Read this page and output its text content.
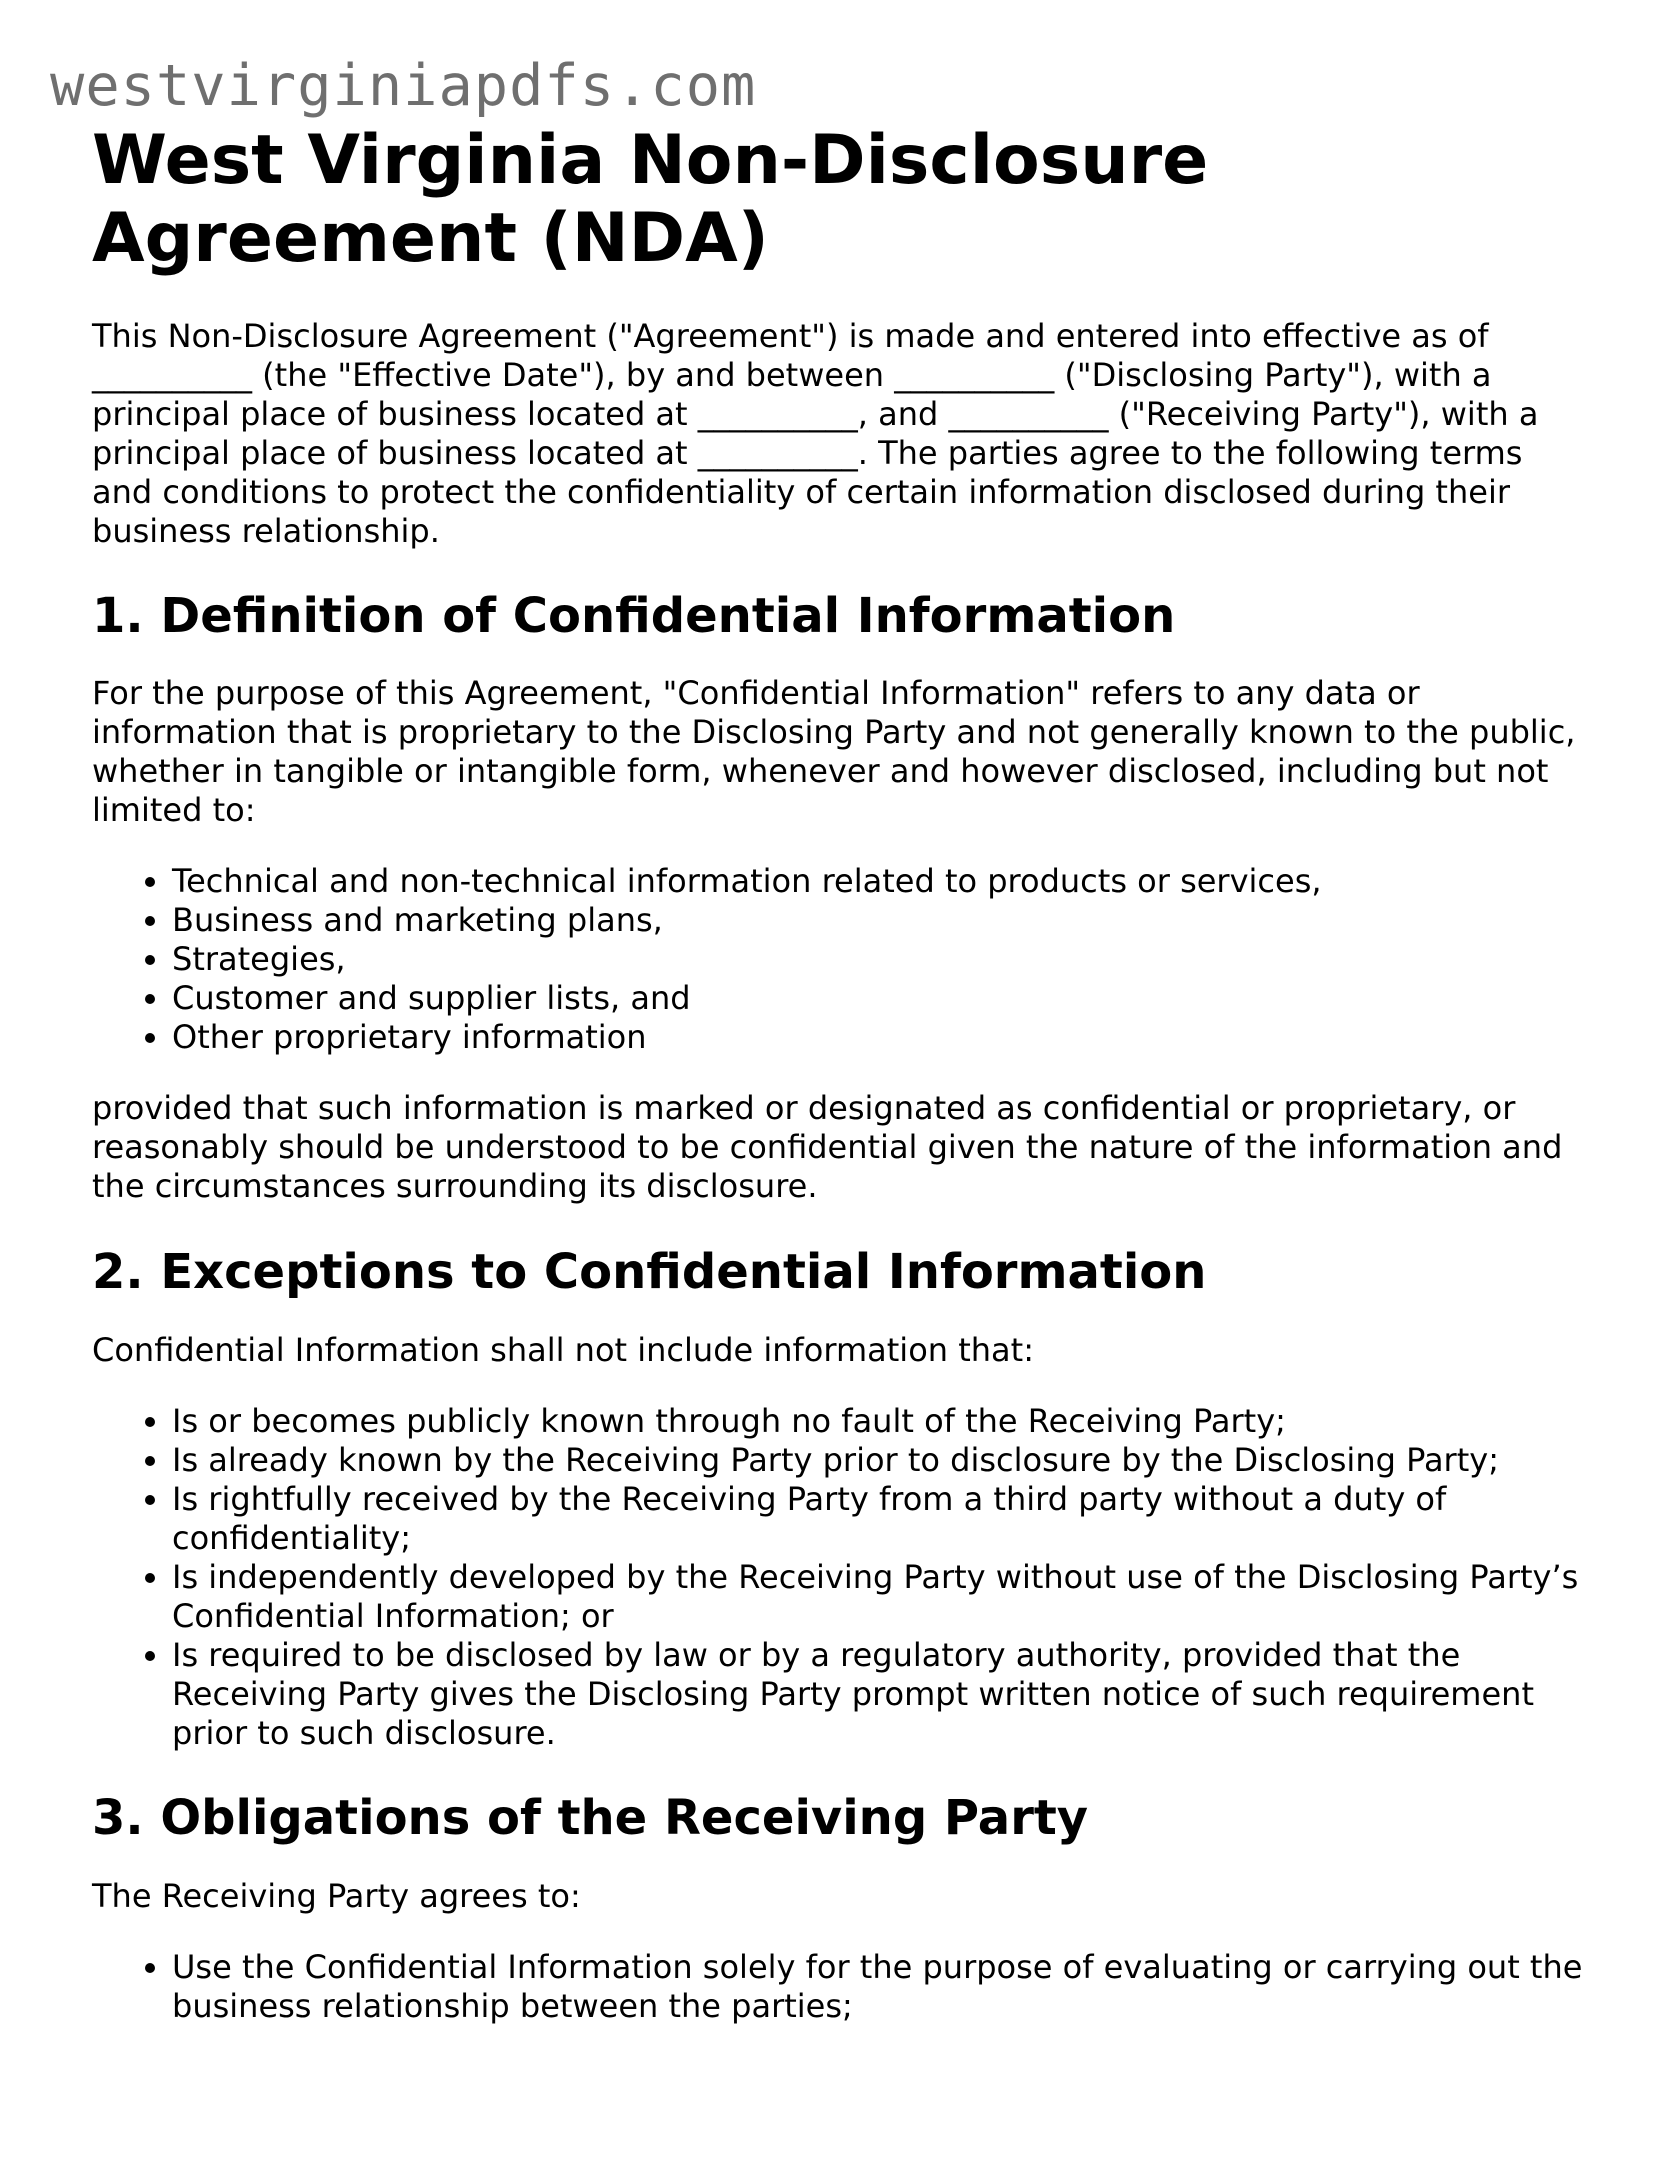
westvirginiapdfs.com
West Virginia Non-Disclosure Agreement (NDA)

This Non-Disclosure Agreement ("Agreement") is made and entered into effective as of __________ (the "Effective Date"), by and between __________ ("Disclosing Party"), with a principal place of business located at __________, and __________ ("Receiving Party"), with a principal place of business located at __________. The parties agree to the following terms and conditions to protect the confidentiality of certain information disclosed during their business relationship.

1. Definition of Confidential Information

For the purpose of this Agreement, "Confidential Information" refers to any data or information that is proprietary to the Disclosing Party and not generally known to the public, whether in tangible or intangible form, whenever and however disclosed, including but not limited to:

• Technical and non-technical information related to products or services,
• Business and marketing plans,
• Strategies,
• Customer and supplier lists, and
• Other proprietary information

provided that such information is marked or designated as confidential or proprietary, or reasonably should be understood to be confidential given the nature of the information and the circumstances surrounding its disclosure.

2. Exceptions to Confidential Information

Confidential Information shall not include information that:

• Is or becomes publicly known through no fault of the Receiving Party;
• Is already known by the Receiving Party prior to disclosure by the Disclosing Party;
• Is rightfully received by the Receiving Party from a third party without a duty of confidentiality;
• Is independently developed by the Receiving Party without use of the Disclosing Party’s Confidential Information; or
• Is required to be disclosed by law or by a regulatory authority, provided that the Receiving Party gives the Disclosing Party prompt written notice of such requirement prior to such disclosure.
3. Obligations of the Receiving Party

The Receiving Party agrees to:

• Use the Confidential Information solely for the purpose of evaluating or carrying out the business relationship between the parties;
